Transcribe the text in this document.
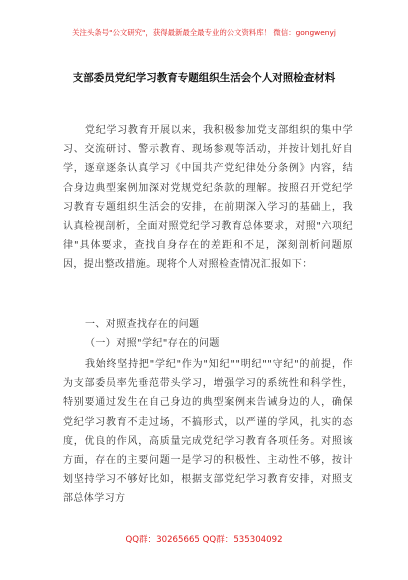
关注头条号"公文研究"，获得最新最全最专业的公文资料库！ 微信：gongwenyj
支部委员党纪学习教育专题组织生活会个人对照检查材料
党纪学习教育开展以来，我积极参加党支部组织的集中学习、交流研讨、警示教育、现场参观等活动，并按计划扎好自学，逐章逐条认真学习《中国共产党纪律处分条例》内容，结合身边典型案例加深对党规党纪条款的理解。按照召开党纪学习教育专题组织生活会的安排，在前期深入学习的基础上，我认真检视剖析，全面对照党纪学习教育总体要求，对照"六项纪律"具体要求，查找自身存在的差距和不足，深刻剖析问题原因，提出整改措施。现将个人对照检查情况汇报如下：
一、对照查找存在的问题
（一）对照"学纪"存在的问题
我始终坚持把"学纪"作为"知纪""明纪""守纪"的前提，作为支部委员率先垂范带头学习，增强学习的系统性和科学性，特别要通过发生在自己身边的典型案例来告诫身边的人，确保党纪学习教育不走过场，不搞形式，以严谨的学风，扎实的态度，优良的作风，高质量完成党纪学习教育各项任务。对照该方面，存在的主要问题一是学习的积极性、主动性不够，按计划坚持学习不够好比如，根据支部党纪学习教育安排，对照支部总体学习方
QQ群：30265665 QQ群：535304092
